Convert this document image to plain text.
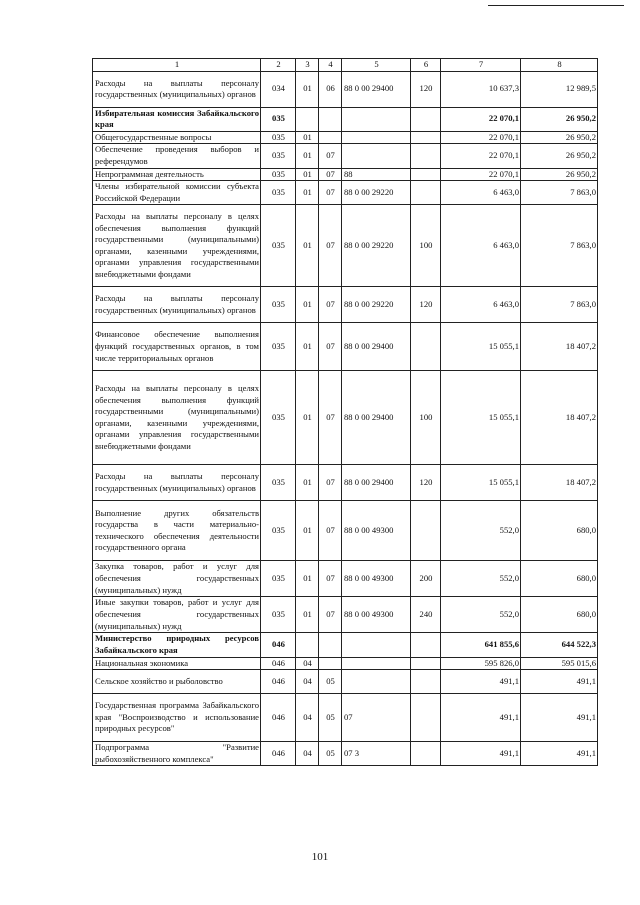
1	2	3	4	5	6	7	8
Расходы на выплаты персоналу государственных (муниципальных) органов	034	01	06	88 0 00 29400	120	10 637,3	12 989,5
Избирательная комиссия Забайкальского края	035					22 070,1	26 950,2
Общегосударственные вопросы	035	01				22 070,1	26 950,2
Обеспечение проведения выборов и референдумов	035	01	07			22 070,1	26 950,2
Непрограммная деятельность	035	01	07	88		22 070,1	26 950,2
Члены избирательной комиссии субъекта Российской Федерации	035	01	07	88 0 00 29220		6 463,0	7 863,0
Расходы на выплаты персоналу в целях обеспечения выполнения функций государственными (муниципальными) органами, казенными учреждениями, органами управления государственными внебюджетными фондами	035	01	07	88 0 00 29220	100	6 463,0	7 863,0
Расходы на выплаты персоналу государственных (муниципальных) органов	035	01	07	88 0 00 29220	120	6 463,0	7 863,0
Финансовое обеспечение выполнения функций государственных органов, в том числе территориальных органов	035	01	07	88 0 00 29400		15 055,1	18 407,2
Расходы на выплаты персоналу в целях обеспечения выполнения функций государственными (муниципальными) органами, казенными учреждениями, органами управления государственными внебюджетными фондами	035	01	07	88 0 00 29400	100	15 055,1	18 407,2
Расходы на выплаты персоналу государственных (муниципальных) органов	035	01	07	88 0 00 29400	120	15 055,1	18 407,2
Выполнение других обязательств государства в части материально-технического обеспечения деятельности государственного органа	035	01	07	88 0 00 49300		552,0	680,0
Закупка товаров, работ и услуг для обеспечения государственных (муниципальных) нужд	035	01	07	88 0 00 49300	200	552,0	680,0
Иные закупки товаров, работ и услуг для обеспечения государственных (муниципальных) нужд	035	01	07	88 0 00 49300	240	552,0	680,0
Министерство природных ресурсов Забайкальского края	046					641 855,6	644 522,3
Национальная экономика	046	04				595 826,0	595 015,6
Сельское хозяйство и рыболовство	046	04	05			491,1	491,1
Государственная программа Забайкальского края "Воспроизводство и использование природных ресурсов"	046	04	05	07		491,1	491,1
Подпрограмма "Развитие рыбохозяйственного комплекса"	046	04	05	07 3		491,1	491,1
101
